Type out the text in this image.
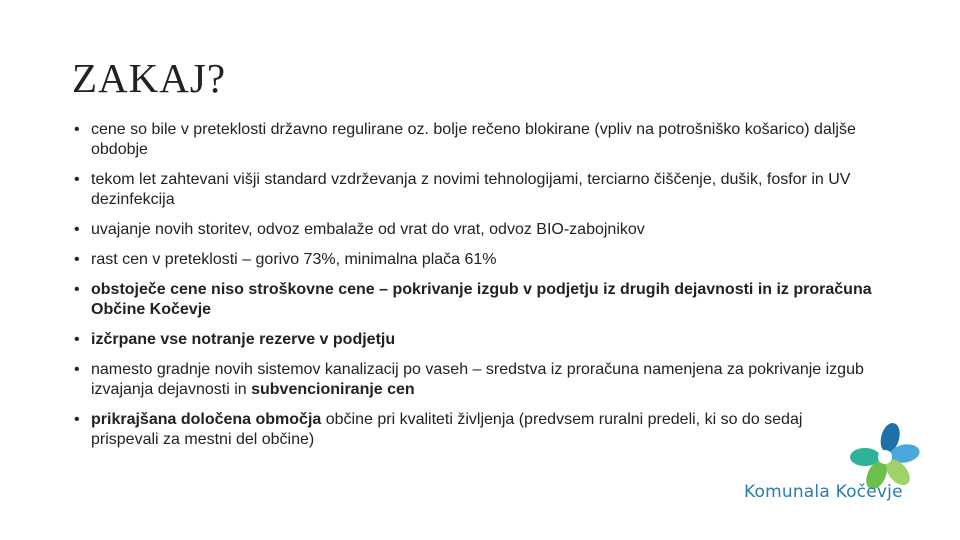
ZAKAJ?
• cene so bile v preteklosti državno regulirane oz. bolje rečeno blokirane (vpliv na potrošniško košarico) daljše obdobje
• tekom let zahtevani višji standard vzdrževanja z novimi tehnologijami, terciarno čiščenje, dušik, fosfor in UV dezinfekcija
• uvajanje novih storitev, odvoz embalaže od vrat do vrat, odvoz BIO-zabojnikov
• rast cen v preteklosti – gorivo 73%, minimalna plača 61%
• obstoječe cene niso stroškovne cene – pokrivanje izgub v podjetju iz drugih dejavnosti in iz proračuna Občine Kočevje
• izčrpane vse notranje rezerve v podjetju
• namesto gradnje novih sistemov kanalizacij po vaseh – sredstva iz proračuna namenjena za pokrivanje izgub izvajanja dejavnosti in subvencioniranje cen
• prikrajšana določena območja občine pri kvaliteti življenja (predvsem ruralni predeli, ki so do sedaj prispevali za mestni del občine)
Komunala Kočevje
